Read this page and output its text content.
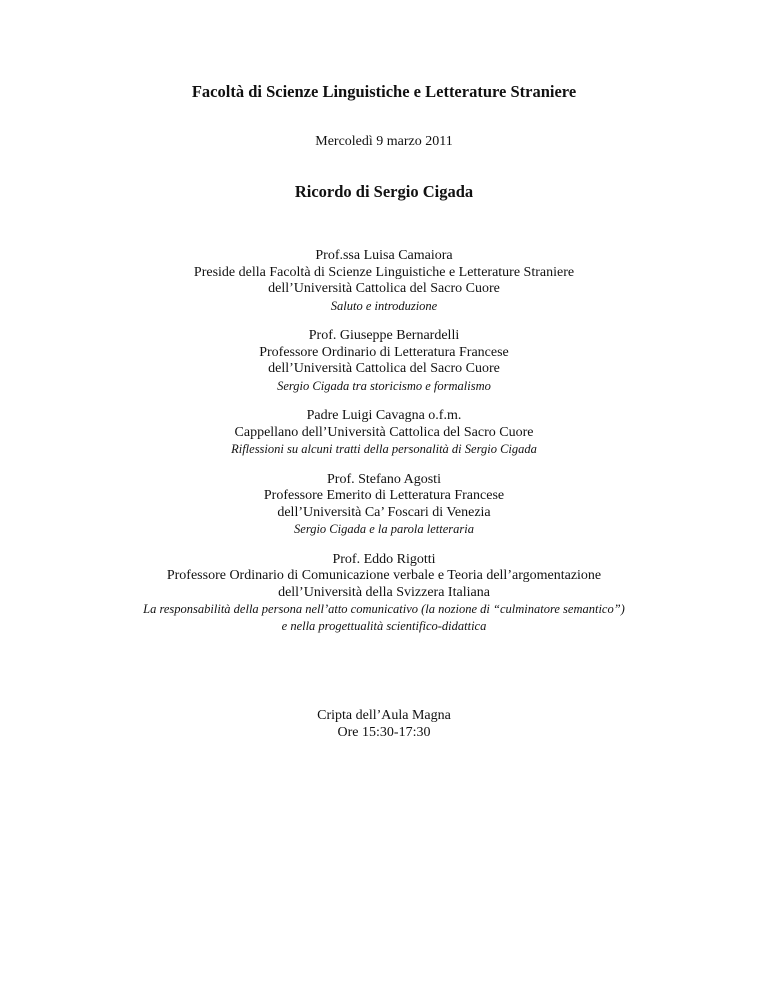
Facoltà di Scienze Linguistiche e Letterature Straniere
Mercoledì 9 marzo 2011
Ricordo di Sergio Cigada
Prof.ssa Luisa Camaiora
Preside della Facoltà di Scienze Linguistiche e Letterature Straniere
dell’Università Cattolica del Sacro Cuore
Saluto e introduzione
Prof. Giuseppe Bernardelli
Professore Ordinario di Letteratura Francese
dell’Università Cattolica del Sacro Cuore
Sergio Cigada tra storicismo e formalismo
Padre Luigi Cavagna o.f.m.
Cappellano dell’Università Cattolica del Sacro Cuore
Riflessioni su alcuni tratti della personalità di Sergio Cigada
Prof. Stefano Agosti
Professore Emerito di Letteratura Francese
dell’Università Ca’ Foscari di Venezia
Sergio Cigada e la parola letteraria
Prof. Eddo Rigotti
Professore Ordinario di Comunicazione verbale e Teoria dell’argomentazione
dell’Università della Svizzera Italiana
La responsabilità della persona nell’atto comunicativo (la nozione di “culminatore semantico”)
e nella progettualità scientifico-didattica
Cripta dell’Aula Magna
Ore 15:30-17:30
